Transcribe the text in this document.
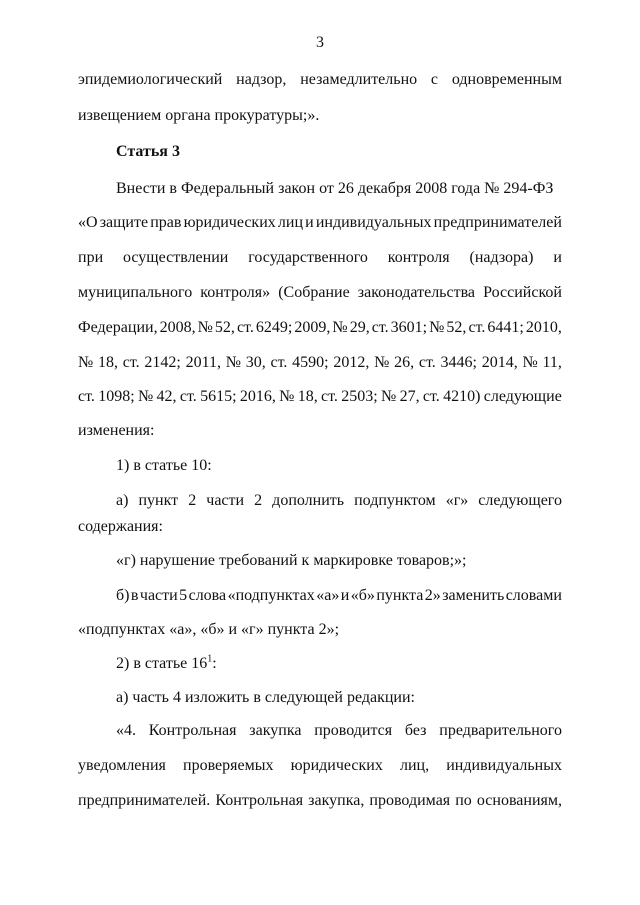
3
эпидемиологический надзор, незамедлительно с одновременным
извещением органа прокуратуры;».
Статья 3
Внести в Федеральный закон от 26 декабря 2008 года № 294-ФЗ
«О защите прав юридических лиц и индивидуальных предпринимателей
при осуществлении государственного контроля (надзора) и
муниципального контроля» (Собрание законодательства Российской
Федерации, 2008, № 52, ст. 6249; 2009, № 29, ст. 3601; № 52, ст. 6441; 2010,
№ 18, ст. 2142; 2011, № 30, ст. 4590; 2012, № 26, ст. 3446; 2014, № 11,
ст. 1098; № 42, ст. 5615; 2016, № 18, ст. 2503; № 27, ст. 4210) следующие
изменения:
1) в статье 10:
а) пункт 2 части 2 дополнить подпунктом «г» следующего
содержания:
«г) нарушение требований к маркировке товаров;»;
б) в части 5 слова «подпунктах «а» и «б» пункта 2» заменить словами
«подпунктах «а», «б» и «г» пункта 2»;
2) в статье $16^1$:
а) часть 4 изложить в следующей редакции:
«4. Контрольная закупка проводится без предварительного
уведомления проверяемых юридических лиц, индивидуальных
предпринимателей. Контрольная закупка, проводимая по основаниям,
